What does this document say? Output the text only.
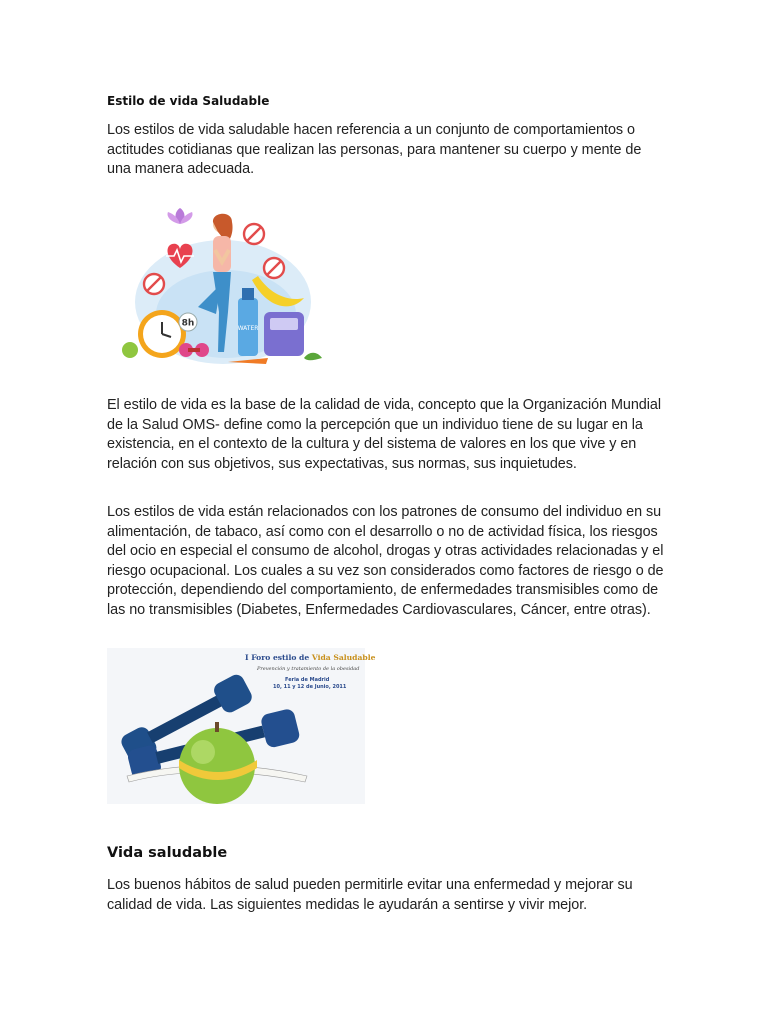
Estilo de vida Saludable

Los estilos de vida saludable hacen referencia a un conjunto de comportamientos o actitudes cotidianas que realizan las personas, para mantener su cuerpo y mente de una manera adecuada.

8h	WATER

El estilo de vida es la base de la calidad de vida, concepto que la Organización Mundial de la Salud OMS- define como la percepción que un individuo tiene de su lugar en la existencia, en el contexto de la cultura y del sistema de valores en los que vive y en relación con sus objetivos, sus expectativas, sus normas, sus inquietudes.

Los estilos de vida están relacionados con los patrones de consumo del individuo en su alimentación, de tabaco, así como con el desarrollo o no de actividad física, los riesgos del ocio en especial el consumo de alcohol, drogas y otras actividades relacionadas y el riesgo ocupacional. Los cuales a su vez son considerados como factores de riesgo o de protección, dependiendo del comportamiento, de enfermedades transmisibles como de las no transmisibles (Diabetes, Enfermedades Cardiovasculares, Cáncer, entre otras).

I Foro estilo de Vida Saludable
Prevención y tratamiento de la obesidad
Feria de Madrid
10, 11 y 12 de Junio, 2011
Vida saludable

Los buenos hábitos de salud pueden permitirle evitar una enfermedad y mejorar su calidad de vida. Las siguientes medidas le ayudarán a sentirse y vivir mejor.
